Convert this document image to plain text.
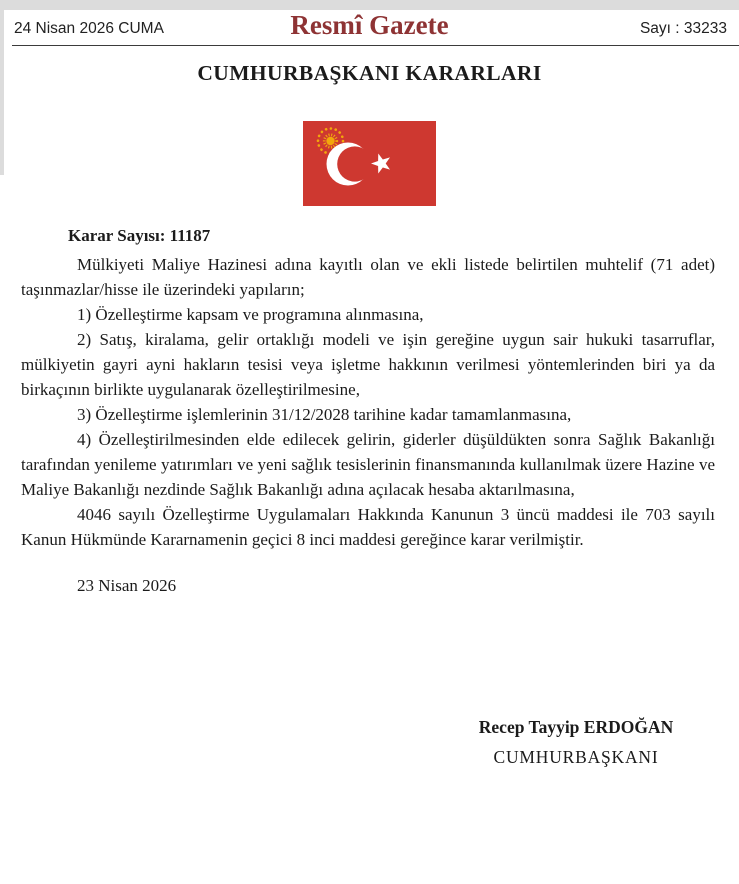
24 Nisan 2026 CUMA	Resmî Gazete	Sayı : 33233
CUMHURBAŞKANI KARARLARI
Karar Sayısı: 11187

Mülkiyeti Maliye Hazinesi adına kayıtlı olan ve ekli listede belirtilen muhtelif (71 adet) taşınmazlar/hisse ile üzerindeki yapıların;

1) Özelleştirme kapsam ve programına alınmasına,

2) Satış, kiralama, gelir ortaklığı modeli ve işin gereğine uygun sair hukuki tasarruflar, mülkiyetin gayri ayni hakların tesisi veya işletme hakkının verilmesi yöntemlerinden biri ya da birkaçının birlikte uygulanarak özelleştirilmesine,

3) Özelleştirme işlemlerinin 31/12/2028 tarihine kadar tamamlanmasına,

4) Özelleştirilmesinden elde edilecek gelirin, giderler düşüldükten sonra Sağlık Bakanlığı tarafından yenileme yatırımları ve yeni sağlık tesislerinin finansmanında kullanılmak üzere Hazine ve Maliye Bakanlığı nezdinde Sağlık Bakanlığı adına açılacak hesaba aktarılmasına,

4046 sayılı Özelleştirme Uygulamaları Hakkında Kanunun 3 üncü maddesi ile 703 sayılı Kanun Hükmünde Kararnamenin geçici 8 inci maddesi gereğince karar verilmiştir.

23 Nisan 2026

Recep Tayyip ERDOĞAN
CUMHURBAŞKANI
